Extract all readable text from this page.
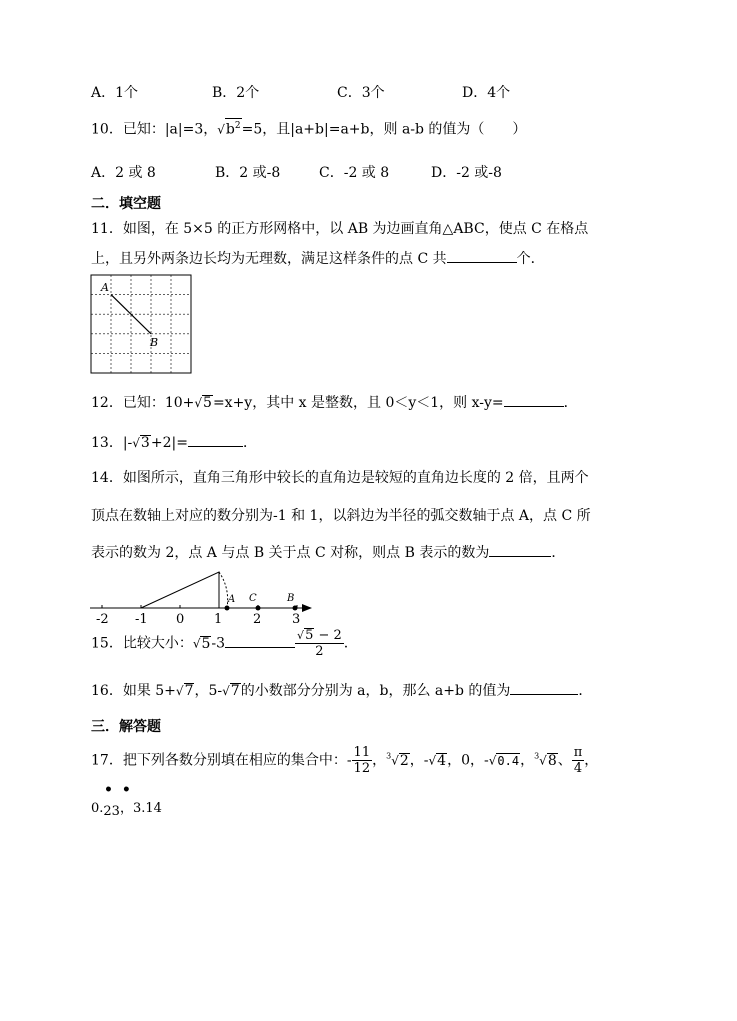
A．1个	B．2个	C．3个	D．4个
10．已知：|a|=3，$√b^2=5$，且|a+b|=a+b，则 a-b 的值为（　　）
A．2 或 8	B．2 或-8	C．-2 或 8	D．-2 或-8
二．填空题
11．如图，在 5×5 的正方形网格中，以 AB 为边画直角△ABC，使点 C 在格点
上，且另外两条边长均为无理数，满足这样条件的点 C 共	个．
A
B
12．已知：10+√5=x+y，其中 x 是整数，且 0＜y＜1，则 x-y=	．
13．|-√3+2|=	．
14．如图所示，直角三角形中较长的直角边是较短的直角边长度的 2 倍，且两个
顶点在数轴上对应的数分别为-1 和 1，以斜边为半径的弧交数轴于点 A，点 C 所
表示的数为 2，点 A 与点 B 关于点 C 对称，则点 B 表示的数为	．
A C	B
-2 -1 0 1 2 3
15．比较大小：√5-3	$\frac{√5 - 2}{2}$ .
16．如果 5+√7，5-√7的小数部分分别为 a，b，那么 a+b 的值为	．
三．解答题
17．把下列各数分别填在相应的集合中：- $\frac{11}{12}$ ，$^3$√2，-√4，0，-√0.4，$^3$√8、 $\frac{\pi}{4}$ ，
• •
0.23，3.14
